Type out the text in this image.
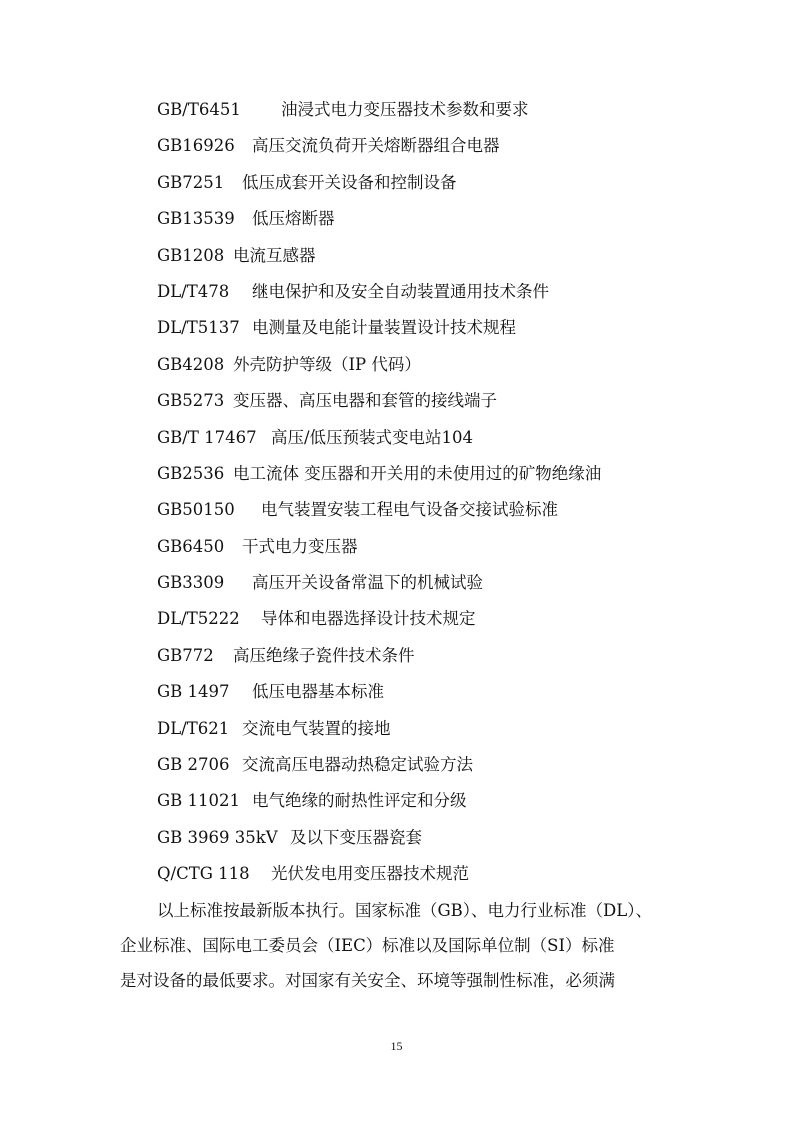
GB/T6451 油浸式电力变压器技术参数和要求
GB16926 高压交流负荷开关熔断器组合电器
GB7251 低压成套开关设备和控制设备
GB13539 低压熔断器
GB1208 电流互感器
DL/T478 继电保护和及安全自动装置通用技术条件
DL/T5137 电测量及电能计量装置设计技术规程
GB4208 外壳防护等级（IP 代码）
GB5273 变压器、高压电器和套管的接线端子
GB/T 17467 高压/低压预装式变电站104
GB2536 电工流体 变压器和开关用的未使用过的矿物绝缘油
GB50150 电气装置安装工程电气设备交接试验标准
GB6450 干式电力变压器
GB3309 高压开关设备常温下的机械试验
DL/T5222 导体和电器选择设计技术规定
GB772 高压绝缘子瓷件技术条件
GB 1497 低压电器基本标准
DL/T621 交流电气装置的接地
GB 2706 交流高压电器动热稳定试验方法
GB 11021 电气绝缘的耐热性评定和分级
GB 3969 35kV 及以下变压器瓷套
Q/CTG 118 光伏发电用变压器技术规范

以上标准按最新版本执行。国家标准（GB）、电力行业标准（DL）、
企业标准、国际电工委员会（IEC）标准以及国际单位制（SI）标准
是对设备的最低要求。对国家有关安全、环境等强制性标准，必须满

15
